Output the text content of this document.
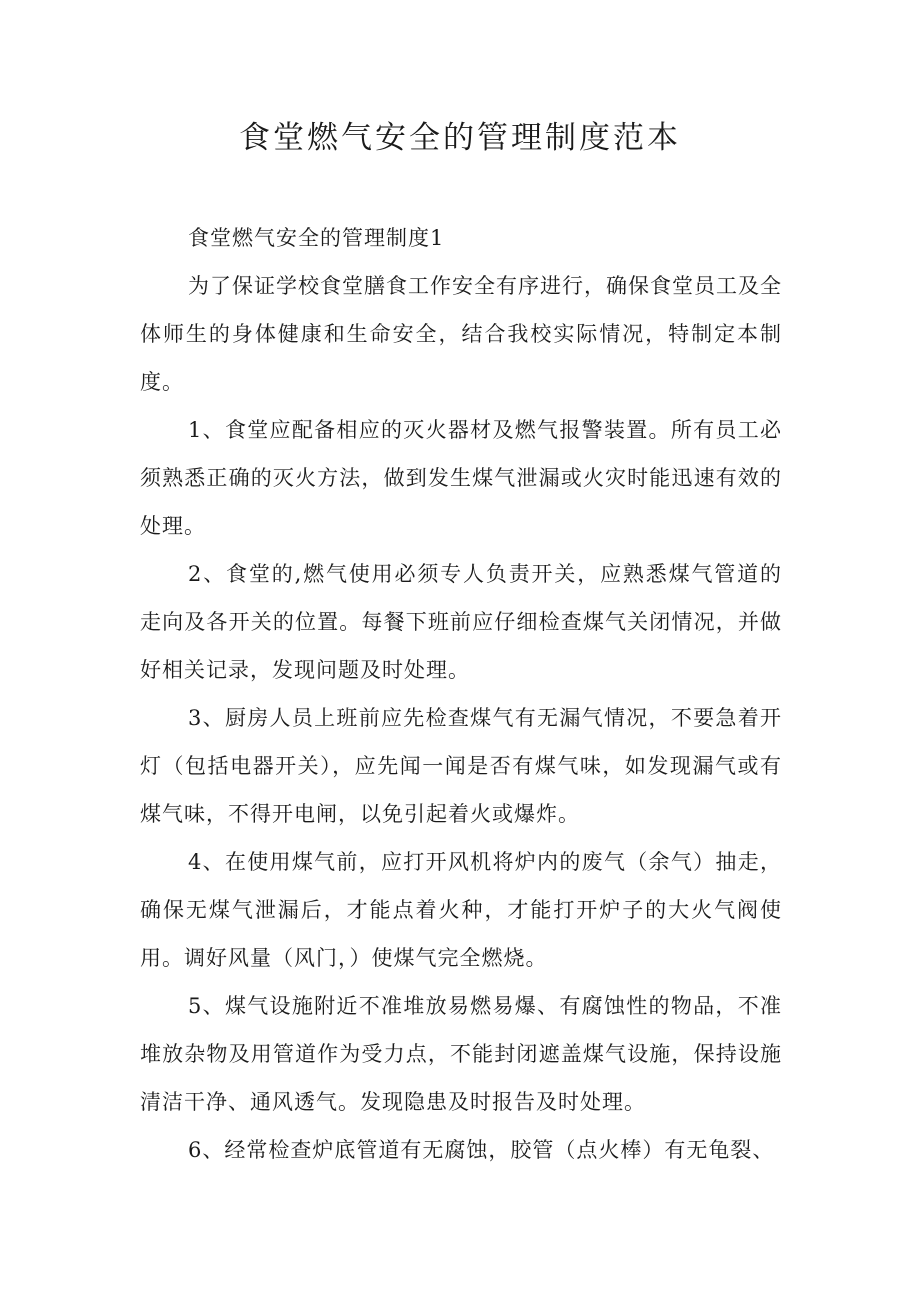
食堂燃气安全的管理制度范本

食堂燃气安全的管理制度1

为了保证学校食堂膳食工作安全有序进行，确保食堂员工及全体师生的身体健康和生命安全，结合我校实际情况，特制定本制度。

1、食堂应配备相应的灭火器材及燃气报警装置。所有员工必须熟悉正确的灭火方法，做到发生煤气泄漏或火灾时能迅速有效的处理。

2、食堂的,燃气使用必须专人负责开关，应熟悉煤气管道的走向及各开关的位置。每餐下班前应仔细检查煤气关闭情况，并做好相关记录，发现问题及时处理。

3、厨房人员上班前应先检查煤气有无漏气情况，不要急着开灯（包括电器开关），应先闻一闻是否有煤气味，如发现漏气或有煤气味，不得开电闸，以免引起着火或爆炸。

4、在使用煤气前，应打开风机将炉内的废气（余气）抽走，确保无煤气泄漏后，才能点着火种，才能打开炉子的大火气阀使用。调好风量（风门，）使煤气完全燃烧。

5、煤气设施附近不准堆放易燃易爆、有腐蚀性的物品，不准堆放杂物及用管道作为受力点，不能封闭遮盖煤气设施，保持设施清洁干净、通风透气。发现隐患及时报告及时处理。

6、经常检查炉底管道有无腐蚀，胶管（点火棒）有无龟裂、
